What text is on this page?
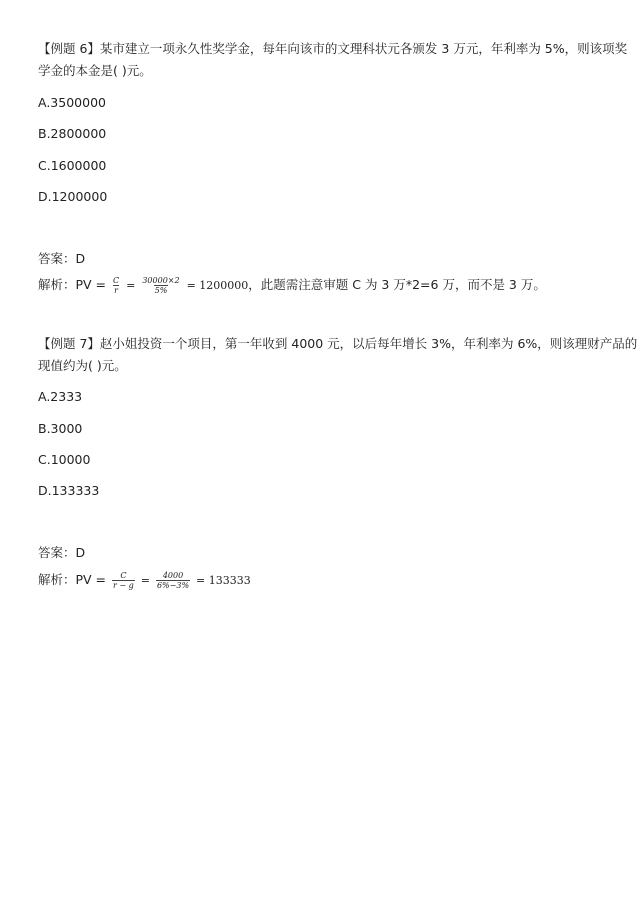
【例题 6】某市建立一项永久性奖学金，每年向该市的文理科状元各颁发 3 万元，年利率为 5%，则该项奖
学金的本金是( )元。
A.3500000
B.2800000
C.1600000
D.1200000
答案：D
解析：PV = $\frac{C}{r} = \frac{30000\times 2}{5\%} = 1200000$，此题需注意审题 C 为 3 万*2=6 万，而不是 3 万。
【例题 7】赵小姐投资一个项目，第一年收到 4000 元，以后每年增长 3%，年利率为 6%，则该理财产品的
现值约为( )元。
A.2333
B.3000
C.10000
D.133333
答案：D
解析：PV = $\frac{C}{r - g} = \frac{4000}{6\%-3\%} = 133333$
